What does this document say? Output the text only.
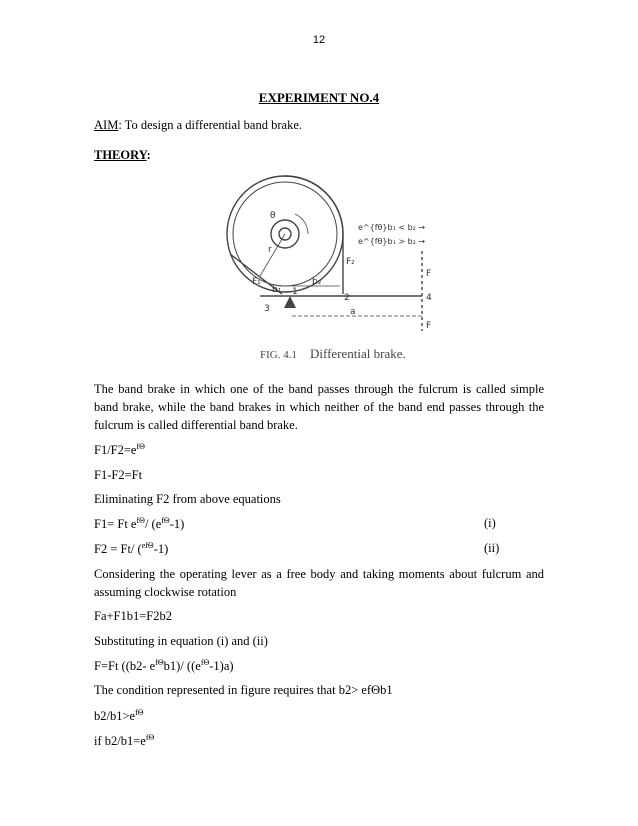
12
EXPERIMENT NO.4
AIM: To design a differential band brake.
THEORY:
θ
r
F₁
F₂
b₁
b₂
a
F
F
1
2
3
4
e^{fθ}b₁ < b₂ →
e^{fθ}b₁ > b₂ →
FIG. 4.1 Differential brake.
The band brake in which one of the band passes through the fulcrum is called simple band brake, while the band brakes in which neither of the band end passes through the fulcrum is called differential band brake.
$F1/F2=e^{f\Theta}$
F1-F2=Ft
Eliminating F2 from above equations
F1= Ft $e^{f\Theta}/$ $(e^{f\Theta}-1)$	(i)
F2 = Ft/ ($^{ef\Theta}$-1)	(ii)
Considering the operating lever as a free body and taking moments about fulcrum and assuming clockwise rotation
Fa+F1b1=F2b2
Substituting in equation (i) and (ii)
F=Ft ((b2- $e^{f\Theta}b1)/$ $((e^{f\Theta}-1)a)$
The condition represented in figure requires that b2> efΘb1
$b2/b1>e^{f\Theta}$
if $b2/b1=e^{f\Theta}$
